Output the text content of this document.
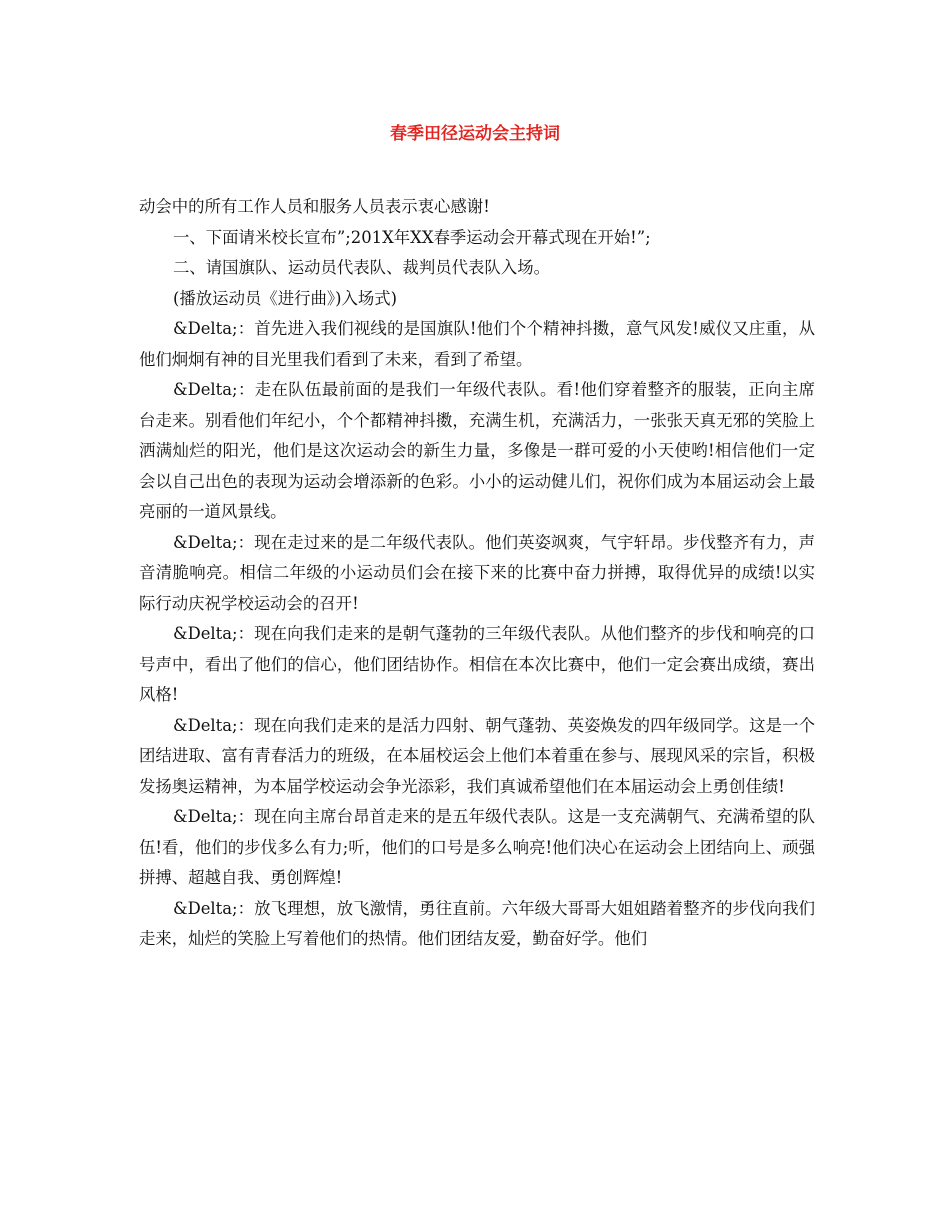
春季田径运动会主持词

动会中的所有工作人员和服务人员表示衷心感谢!

一、下面请米校长宣布”;201X年XX春季运动会开幕式现在开始!”;

二、请国旗队、运动员代表队、裁判员代表队入场。

(播放运动员《进行曲》)入场式)

&Delta;：首先进入我们视线的是国旗队!他们个个精神抖擞，意气风发!威仪又庄重，从他们炯炯有神的目光里我们看到了未来，看到了希望。

&Delta;：走在队伍最前面的是我们一年级代表队。看!他们穿着整齐的服装，正向主席台走来。别看他们年纪小，个个都精神抖擞，充满生机，充满活力，一张张天真无邪的笑脸上洒满灿烂的阳光，他们是这次运动会的新生力量，多像是一群可爱的小天使哟!相信他们一定会以自己出色的表现为运动会增添新的色彩。小小的运动健儿们，祝你们成为本届运动会上最亮丽的一道风景线。

&Delta;：现在走过来的是二年级代表队。他们英姿飒爽，气宇轩昂。步伐整齐有力，声音清脆响亮。相信二年级的小运动员们会在接下来的比赛中奋力拼搏，取得优异的成绩!以实际行动庆祝学校运动会的召开!

&Delta;：现在向我们走来的是朝气蓬勃的三年级代表队。从他们整齐的步伐和响亮的口号声中，看出了他们的信心，他们团结协作。相信在本次比赛中，他们一定会赛出成绩，赛出风格!

&Delta;：现在向我们走来的是活力四射、朝气蓬勃、英姿焕发的四年级同学。这是一个团结进取、富有青春活力的班级，在本届校运会上他们本着重在参与、展现风采的宗旨，积极发扬奥运精神，为本届学校运动会争光添彩，我们真诚希望他们在本届运动会上勇创佳绩!

&Delta;：现在向主席台昂首走来的是五年级代表队。这是一支充满朝气、充满希望的队伍!看，他们的步伐多么有力;听，他们的口号是多么响亮!他们决心在运动会上团结向上、顽强拼搏、超越自我、勇创辉煌!

&Delta;：放飞理想，放飞激情，勇往直前。六年级大哥哥大姐姐踏着整齐的步伐向我们走来，灿烂的笑脸上写着他们的热情。他们团结友爱，勤奋好学。他们
